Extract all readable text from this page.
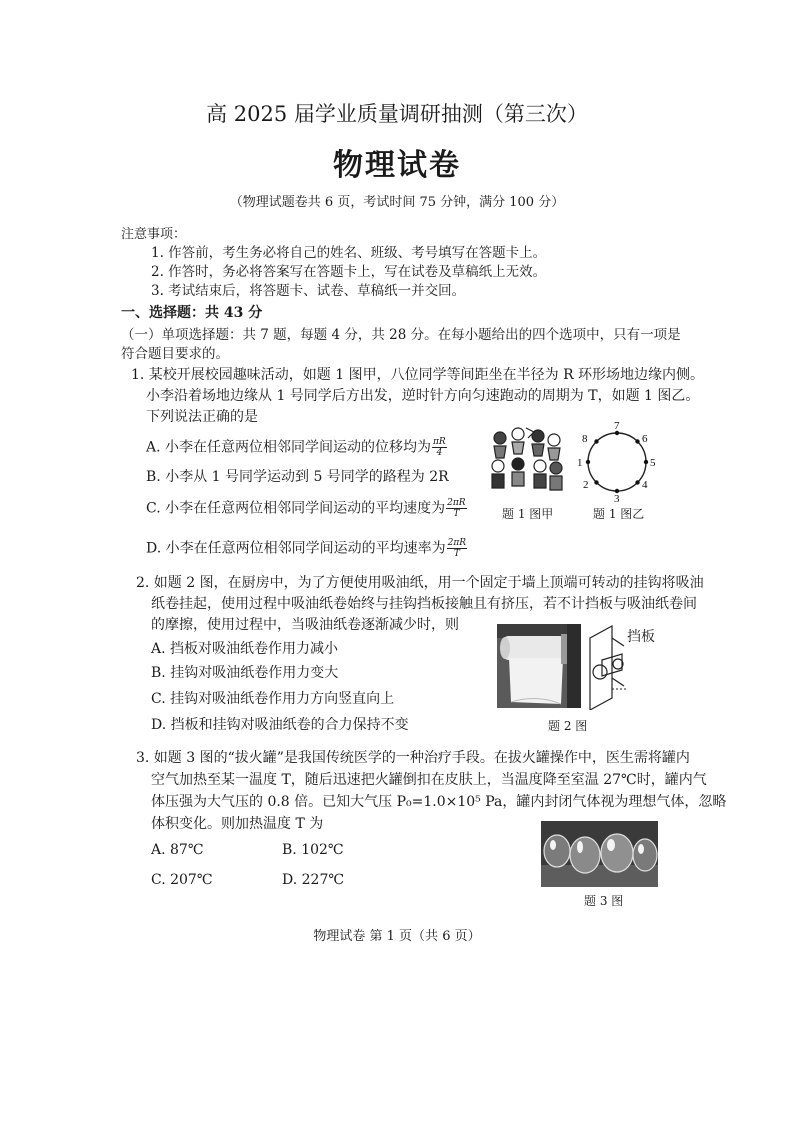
高 2025 届学业质量调研抽测（第三次）
物理试卷
（物理试题卷共 6 页，考试时间 75 分钟，满分 100 分）
注意事项：
1. 作答前，考生务必将自己的姓名、班级、考号填写在答题卡上。
2. 作答时，务必将答案写在答题卡上，写在试卷及草稿纸上无效。
3. 考试结束后，将答题卡、试卷、草稿纸一并交回。
一、选择题：共 43 分
（一）单项选择题：共 7 题，每题 4 分，共 28 分。在每小题给出的四个选项中，只有一项是
符合题目要求的。
1. 某校开展校园趣味活动，如题 1 图甲，八位同学等间距坐在半径为 R 环形场地边缘内侧。
小李沿着场地边缘从 1 号同学后方出发，逆时针方向匀速跑动的周期为 T，如题 1 图乙。
下列说法正确的是
A. 小李在任意两位相邻同学间运动的位移均为 $\frac{\pi R}{4}$
B. 小李从 1 号同学运动到 5 号同学的路程为 2R
C. 小李在任意两位相邻同学间运动的平均速度为 $\frac{2\pi R}{T}$
D. 小李在任意两位相邻同学间运动的平均速率为 $\frac{2\pi R}{T}$
题 1 图甲
1
2
3
4
5
6
7
8
题 1 图乙
2. 如题 2 图，在厨房中，为了方便使用吸油纸，用一个固定于墙上顶端可转动的挂钩将吸油
纸卷挂起，使用过程中吸油纸卷始终与挂钩挡板接触且有挤压，若不计挡板与吸油纸卷间
的摩擦，使用过程中，当吸油纸卷逐渐减少时，则
A. 挡板对吸油纸卷作用力减小
B. 挂钩对吸油纸卷作用力变大
C. 挂钩对吸油纸卷作用力方向竖直向上
D. 挡板和挂钩对吸油纸卷的合力保持不变
挡板
题 2 图
3. 如题 3 图的“拔火罐”是我国传统医学的一种治疗手段。在拔火罐操作中，医生需将罐内
空气加热至某一温度 T，随后迅速把火罐倒扣在皮肤上，当温度降至室温 27℃时，罐内气
体压强为大气压的 0.8 倍。已知大气压 P₀=1.0×10⁵ Pa，罐内封闭气体视为理想气体，忽略
体积变化。则加热温度 T 为
A. 87℃	B. 102℃
C. 207℃	D. 227℃
题 3 图
物理试卷 第 1 页（共 6 页）
